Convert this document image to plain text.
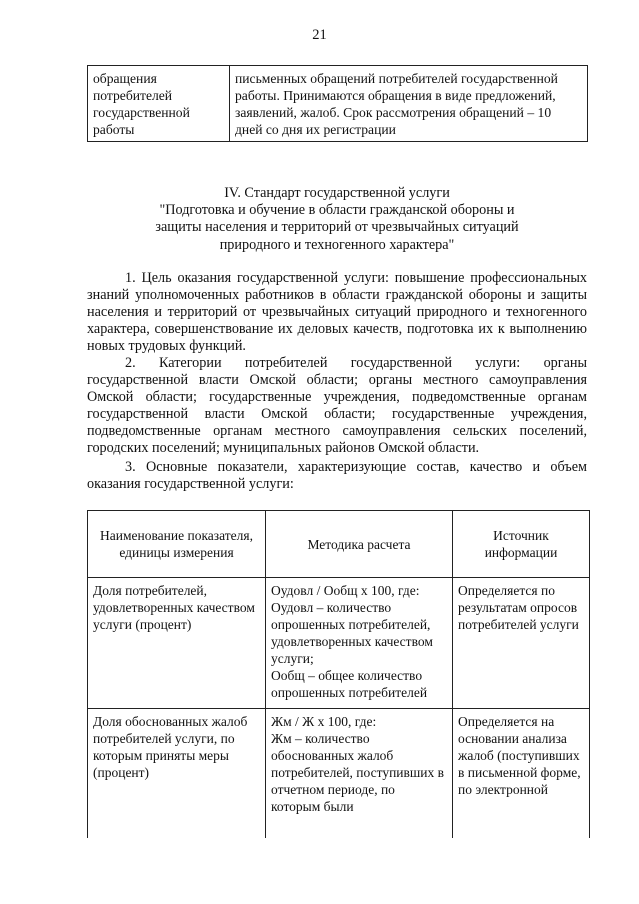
21
обращения
потребителей
государственной
работы
	письменных обращений потребителей государственной работы. Принимаются обращения в виде предложений, заявлений, жалоб. Срок рассмотрения обращений – 10 дней со дня их регистрации
IV. Стандарт государственной услуги
"Подготовка и обучение в области гражданской обороны и
защиты населения и территорий от чрезвычайных ситуаций
природного и техногенного характера"

1. Цель оказания государственной услуги: повышение профессиональных знаний уполномоченных работников в области гражданской обороны и защиты населения и территорий от чрезвычайных ситуаций природного и техногенного характера, совершенствование их деловых качеств, подготовка их к выполнению новых трудовых функций.

2. Категории потребителей государственной услуги: органы государственной власти Омской области; органы местного самоуправления Омской области; государственные учреждения, подведомственные органам государственной власти Омской области; государственные учреждения, подведомственные органам местного самоуправления сельских поселений, городских поселений; муниципальных районов Омской области.

3. Основные показатели, характеризующие состав, качество и объем оказания государственной услуги:

Наименование показателя, единицы измерения	Методика расчета	Источник информации
Доля потребителей, удовлетворенных качеством услуги (процент)	Оудовл / Ообщ х 100, где:
Оудовл – количество опрошенных потребителей, удовлетворенных качеством услуги;
Ообщ – общее количество опрошенных потребителей	Определяется по результатам опросов потребителей услуги
Доля обоснованных жалоб потребителей услуги, по которым приняты меры (процент)	Жм / Ж х 100, где:
Жм – количество обоснованных жалоб потребителей, поступивших в отчетном периоде, по которым были	Определяется на основании анализа жалоб (поступивших в письменной форме, по электронной
